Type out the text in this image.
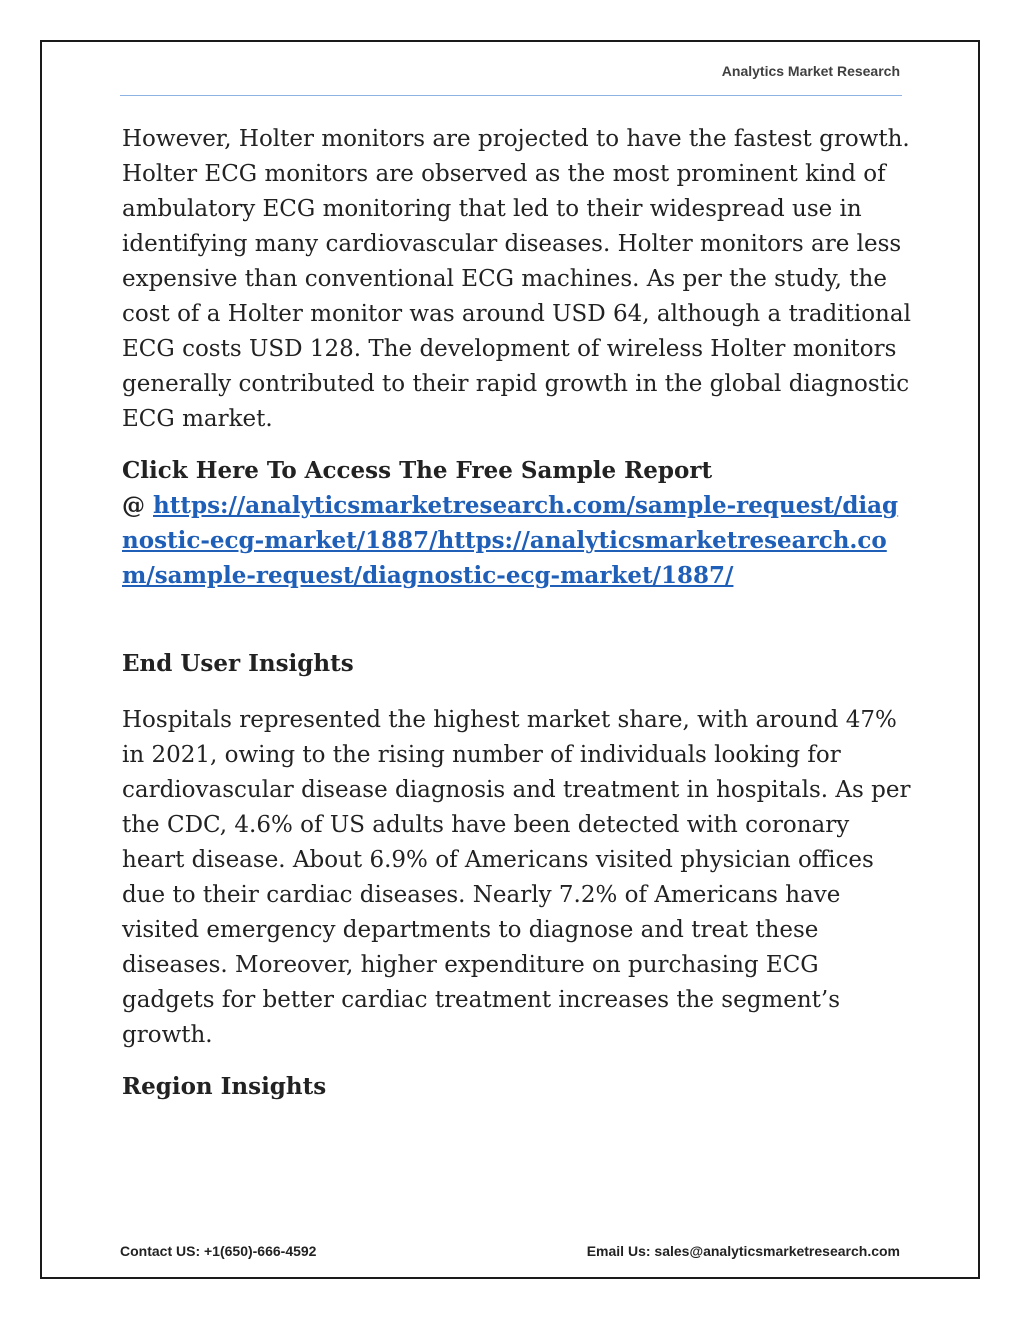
Analytics Market Research

However, Holter monitors are projected to have the fastest growth. Holter ECG monitors are observed as the most prominent kind of ambulatory ECG monitoring that led to their widespread use in identifying many cardiovascular diseases. Holter monitors are less expensive than conventional ECG machines. As per the study, the cost of a Holter monitor was around USD 64, although a traditional ECG costs USD 128. The development of wireless Holter monitors generally contributed to their rapid growth in the global diagnostic ECG market.

Click Here To Access The Free Sample Report
@ https://analyticsmarketresearch.com/sample-request/diagnostic-ecg-market/1887/https://analyticsmarketresearch.com/sample-request/diagnostic-ecg-market/1887/
End User Insights

Hospitals represented the highest market share, with around 47% in 2021, owing to the rising number of individuals looking for cardiovascular disease diagnosis and treatment in hospitals. As per the CDC, 4.6% of US adults have been detected with coronary heart disease. About 6.9% of Americans visited physician offices due to their cardiac diseases. Nearly 7.2% of Americans have visited emergency departments to diagnose and treat these diseases. Moreover, higher expenditure on purchasing ECG gadgets for better cardiac treatment increases the segment’s growth.

Region Insights
Contact US: +1(650)-666-4592	Email Us: sales@analyticsmarketresearch.com
